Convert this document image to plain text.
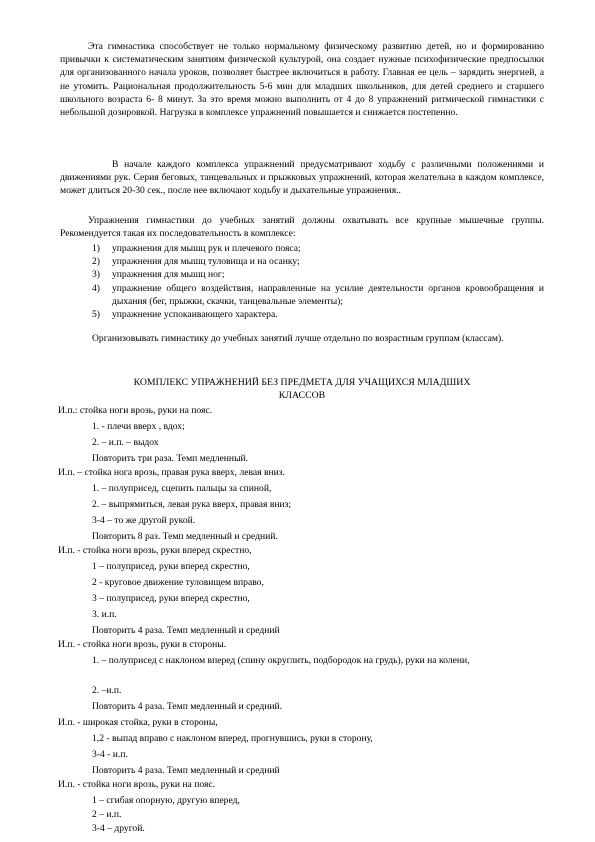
Эта гимнастика способствует не только нормальному физическому развитию детей, но и формированию привычки к систематическим занятиям физической культурой, она создает нужные психофизические предпосылки для организованного начала уроков, позволяет быстрее включиться в работу. Главная ее цель – зарядить энергией, а не утомить. Рациональная продолжительность 5-6 мин для младших школьников, для детей среднего и старшего школьного возраста 6- 8 минут. За это время можно выполнить от 4 до 8 упражнений ритмической гимнастики с небольшой дозировкой. Нагрузка в комплексе упражнений повышается и снижается постепенно.

В начале каждого комплекса упражнений предусматривают ходьбу с различными положениями и движениями рук. Серия беговых, танцевальных и прыжковых упражнений, которая желательна в каждом комплексе, может длиться 20-30 сек., после нее включают ходьбу и дыхательные упражнения..

Упражнения гимнастики до учебных занятий должны охватывать все крупные мышечные группы. Рекомендуется такая их последовательность в комплексе:

1) упражнения для мышц рук и плечевого пояса;
2) упражнения для мышц туловища и на осанку;
3) упражнения для мышц ног;
4) упражнение общего воздействия, направленные на усилие деятельности органов кровообращения и дыхания (бег, прыжки, скачки, танцевальные элементы);
5) упражнение успокаивающего характера.

Организовывать гимнастику до учебных занятий лучше отдельно по возрастным группам (классам).

КОМПЛЕКС УПРАЖНЕНИЙ БЕЗ ПРЕДМЕТА ДЛЯ УЧАЩИХСЯ МЛАДШИХ КЛАССОВ

И.п.: стойка ноги врозь, руки на пояс.

1. - плечи вверх , вдох;

2. – и.п. – выдох

Повторить три раза. Темп медленный.

И.п. – стойка нога врозь, правая рука вверх, левая вниз.

1. – полуприсед, сцепить пальцы за спиной,

2. – выпрямиться, левая рука вверх, правая вниз;

3-4 – то же другой рукой.

Повторить 8 раз. Темп медленный и средний.

И.п. - стойка ноги врозь, руки вперед скрестно,

1 – полуприсед, руки вперед скрестно,

2 - круговое движение туловищем вправо,

3 – полуприсед, руки вперед скрестно,

3. и.п.

Повторить 4 раза. Темп медленный и средний

И.п. - стойка ноги врозь, руки в стороны.

1. – полуприсед с наклоном вперед (спину округлить, подбородок на грудь), руки на колени,

2. –и.п.

Повторить 4 раза. Темп медленный и средний.

И.п. - широкая стойка, руки в стороны,

1,2 - выпад вправо с наклоном вперед, прогнувшись, руки в сторону,

3-4 - и.п.

Повторить 4 раза. Темп медленный и средний

И.п. - стойка ноги врозь, руки на пояс.

1 – сгибая опорную, другую вперед,

2 – и.п.

3-4 – другой.
